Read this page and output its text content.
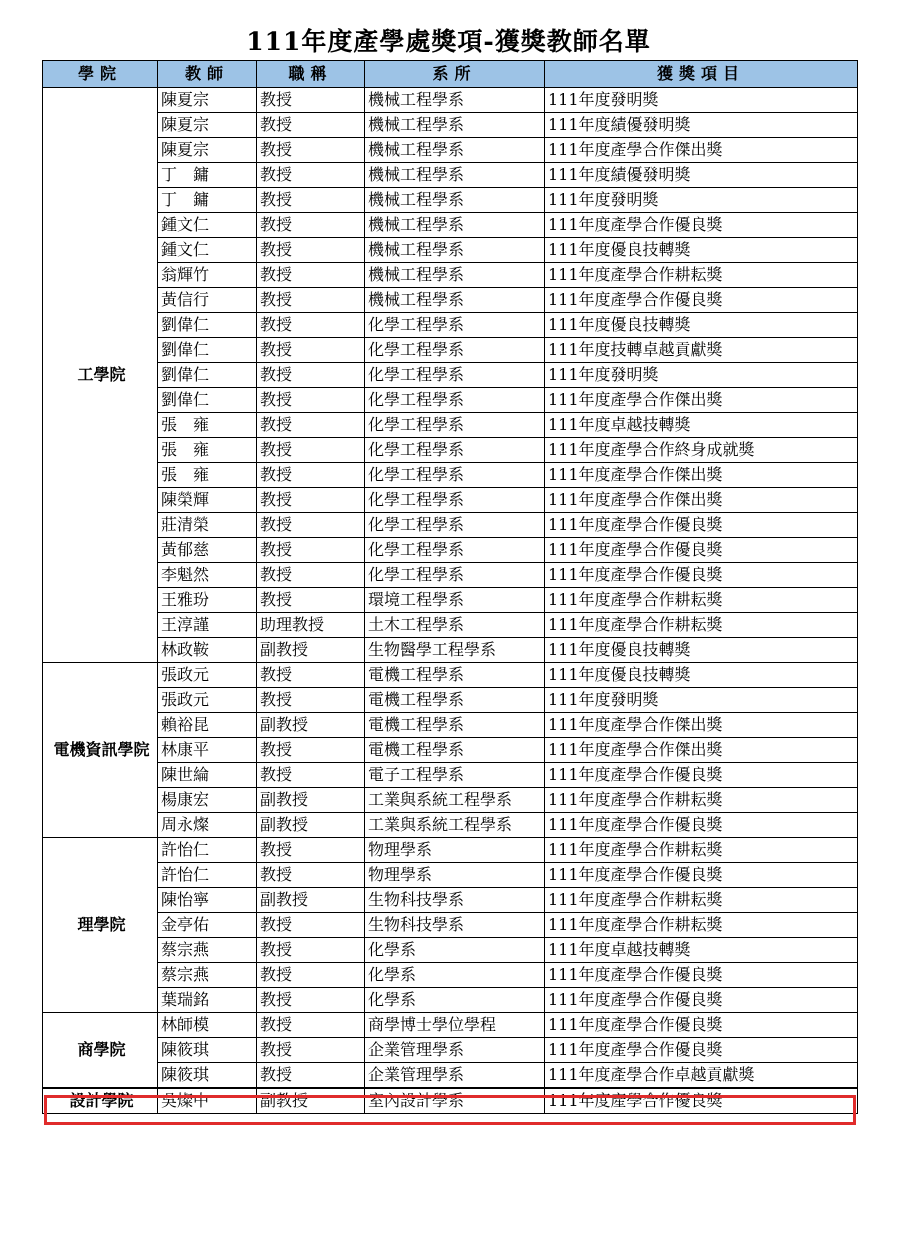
111年度產學處獎項-獲獎教師名單
學院	教師	職稱	系所	獲獎項目
工學院	陳夏宗	教授	機械工程學系	111年度發明獎
	陳夏宗	教授	機械工程學系	111年度績優發明獎
	陳夏宗	教授	機械工程學系	111年度產學合作傑出獎
	丁　鏞	教授	機械工程學系	111年度績優發明獎
	丁　鏞	教授	機械工程學系	111年度發明獎
	鍾文仁	教授	機械工程學系	111年度產學合作優良獎
	鍾文仁	教授	機械工程學系	111年度優良技轉獎
	翁輝竹	教授	機械工程學系	111年度產學合作耕耘獎
	黃信行	教授	機械工程學系	111年度產學合作優良獎
	劉偉仁	教授	化學工程學系	111年度優良技轉獎
	劉偉仁	教授	化學工程學系	111年度技轉卓越貢獻獎
	劉偉仁	教授	化學工程學系	111年度發明獎
	劉偉仁	教授	化學工程學系	111年度產學合作傑出獎
	張　雍	教授	化學工程學系	111年度卓越技轉獎
	張　雍	教授	化學工程學系	111年度產學合作終身成就獎
	張　雍	教授	化學工程學系	111年度產學合作傑出獎
	陳榮輝	教授	化學工程學系	111年度產學合作傑出獎
	莊清榮	教授	化學工程學系	111年度產學合作優良獎
	黃郁慈	教授	化學工程學系	111年度產學合作優良獎
	李魁然	教授	化學工程學系	111年度產學合作優良獎
	王雅玢	教授	環境工程學系	111年度產學合作耕耘獎
	王淳謹	助理教授	土木工程學系	111年度產學合作耕耘獎
	林政鞍	副教授	生物醫學工程學系	111年度優良技轉獎
電機資訊學院	張政元	教授	電機工程學系	111年度優良技轉獎
	張政元	教授	電機工程學系	111年度發明獎
	賴裕昆	副教授	電機工程學系	111年度產學合作傑出獎
	林康平	教授	電機工程學系	111年度產學合作傑出獎
	陳世綸	教授	電子工程學系	111年度產學合作優良獎
	楊康宏	副教授	工業與系統工程學系	111年度產學合作耕耘獎
	周永燦	副教授	工業與系統工程學系	111年度產學合作優良獎
理學院	許怡仁	教授	物理學系	111年度產學合作耕耘獎
	許怡仁	教授	物理學系	111年度產學合作優良獎
	陳怡寧	副教授	生物科技學系	111年度產學合作耕耘獎
	金亭佑	教授	生物科技學系	111年度產學合作耕耘獎
	蔡宗燕	教授	化學系	111年度卓越技轉獎
	蔡宗燕	教授	化學系	111年度產學合作優良獎
	葉瑞銘	教授	化學系	111年度產學合作優良獎
商學院	林師模	教授	商學博士學位學程	111年度產學合作優良獎
	陳筱琪	教授	企業管理學系	111年度產學合作優良獎
	陳筱琪	教授	企業管理學系	111年度產學合作卓越貢獻獎
設計學院	吳燦中	副教授	室內設計學系	111年度產學合作優良獎
